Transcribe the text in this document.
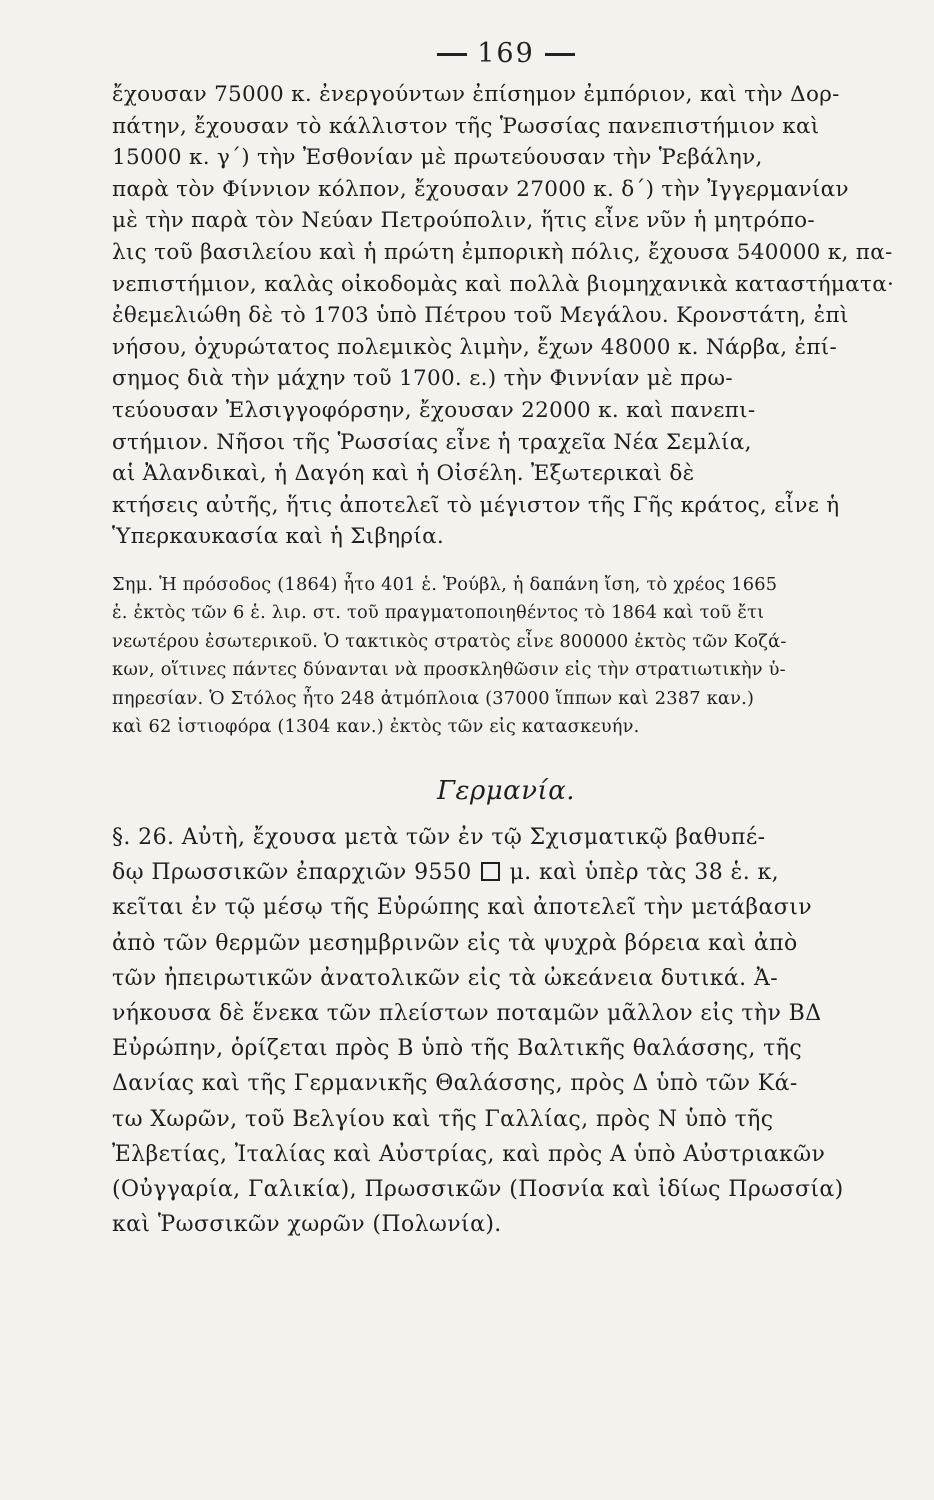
169
ἔχουσαν 75000 κ. ἐνεργούντων ἐπίσημον ἐμπόριον, καὶ τὴν Δορ-
πάτην, ἔχουσαν τὸ κάλλιστον τῆς Ῥωσσίας πανεπιστήμιον καὶ
15000 κ. γ´) τὴν Ἐσθονίαν μὲ πρωτεύουσαν τὴν Ῥεβάλην,
παρὰ τὸν Φίννιον κόλπον, ἔχουσαν 27000 κ. δ´) τὴν Ἰγγερμανίαν
μὲ τὴν παρὰ τὸν Νεύαν Πετρούπολιν, ἥτις εἶνε νῦν ἡ μητρόπο-
λις τοῦ βασιλείου καὶ ἡ πρώτη ἐμπορικὴ πόλις, ἔχουσα 540000 κ, πα-
νεπιστήμιον, καλὰς οἰκοδομὰς καὶ πολλὰ βιομηχανικὰ καταστήματα·
ἐθεμελιώθη δὲ τὸ 1703 ὑπὸ Πέτρου τοῦ Μεγάλου. Κρονστάτη, ἐπὶ
νήσου, ὀχυρώτατος πολεμικὸς λιμὴν, ἔχων 48000 κ. Νάρβα, ἐπί-
σημος διὰ τὴν μάχην τοῦ 1700. ε.) τὴν Φιννίαν μὲ πρω-
τεύουσαν Ἐλσιγγοφόρσην, ἔχουσαν 22000 κ. καὶ πανεπι-
στήμιον. Νῆσοι τῆς Ῥωσσίας εἶνε ἡ τραχεῖα Νέα Σεμλία,
αἱ Ἀλανδικαὶ, ἡ Δαγόη καὶ ἡ Οἰσέλη. Ἐξωτερικαὶ δὲ
κτήσεις αὐτῆς, ἥτις ἀποτελεῖ τὸ μέγιστον τῆς Γῆς κράτος, εἶνε ἡ
Ὑπερκαυκασία καὶ ἡ Σιβηρία.
Σημ. Ἡ πρόσοδος (1864) ἦτο 401 ἑ. Ῥούβλ, ἡ δαπάνη ἴση, τὸ χρέος 1665
ἑ. ἐκτὸς τῶν 6 ἑ. λιρ. στ. τοῦ πραγματοποιηθέντος τὸ 1864 καὶ τοῦ ἔτι
νεωτέρου ἐσωτερικοῦ. Ὁ τακτικὸς στρατὸς εἶνε 800000 ἐκτὸς τῶν Κοζά-
κων, οἵτινες πάντες δύνανται νὰ προσκληθῶσιν εἰς τὴν στρατιωτικὴν ὑ-
πηρεσίαν. Ὁ Στόλος ἦτο 248 ἀτμόπλοια (37000 ἵππων καὶ 2387 καν.)
καὶ 62 ἱστιοφόρα (1304 καν.) ἐκτὸς τῶν εἰς κατασκευήν.
Γερμανία.
§. 26. Αὐτὴ, ἔχουσα μετὰ τῶν ἐν τῷ Σχισματικῷ βαθυπέ-
δῳ Πρωσσικῶν ἐπαρχιῶν 9550 μ. καὶ ὑπὲρ τὰς 38 ἑ. κ,
κεῖται ἐν τῷ μέσῳ τῆς Εὐρώπης καὶ ἀποτελεῖ τὴν μετάβασιν
ἀπὸ τῶν θερμῶν μεσημβρινῶν εἰς τὰ ψυχρὰ βόρεια καὶ ἀπὸ
τῶν ἠπειρωτικῶν ἀνατολικῶν εἰς τὰ ὠκεάνεια δυτικά. Ἀ-
νήκουσα δὲ ἕνεκα τῶν πλείστων ποταμῶν μᾶλλον εἰς τὴν ΒΔ
Εὐρώπην, ὁρίζεται πρὸς Β ὑπὸ τῆς Βαλτικῆς θαλάσσης, τῆς
Δανίας καὶ τῆς Γερμανικῆς Θαλάσσης, πρὸς Δ ὑπὸ τῶν Κά-
τω Χωρῶν, τοῦ Βελγίου καὶ τῆς Γαλλίας, πρὸς Ν ὑπὸ τῆς
Ἐλβετίας, Ἰταλίας καὶ Αὐστρίας, καὶ πρὸς Α ὑπὸ Αὐστριακῶν
(Οὐγγαρία, Γαλικία), Πρωσσικῶν (Ποσνία καὶ ἰδίως Πρωσσία)
καὶ Ῥωσσικῶν χωρῶν (Πολωνία).
